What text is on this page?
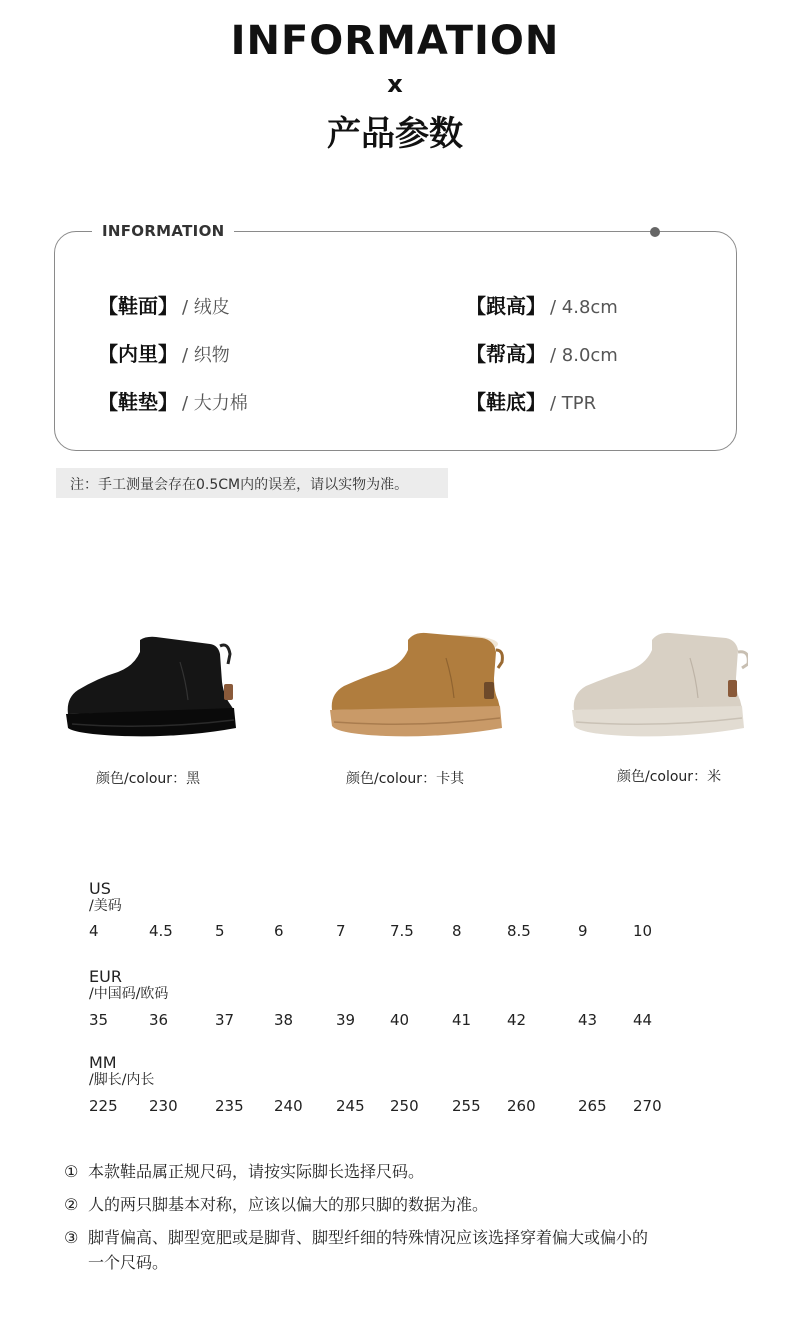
INFORMATION
x
产品参数
INFORMATION
【鞋面】 / 绒皮	【跟高】 / 4.8cm
【内里】 / 织物	【帮高】 / 8.0cm
【鞋垫】 / 大力棉	【鞋底】 / TPR
注：手工测量会存在0.5CM内的误差，请以实物为准。
颜色/colour：黑	颜色/colour：卡其	颜色/colour：米
US
/美码
4	4.5	5	6	7	7.5	8	8.5	9	10
EUR
/中国码/欧码
35	36	37	38	39 40	41 42	43 44
MM
/脚长/内长
225 230 235 240 245 250 255 260	265 270
① 本款鞋品属正规尺码，请按实际脚长选择尺码。
② 人的两只脚基本对称，应该以偏大的那只脚的数据为准。
③ 脚背偏高、脚型宽肥或是脚背、脚型纤细的特殊情况应该选择穿着偏大或偏小的
一个尺码。
